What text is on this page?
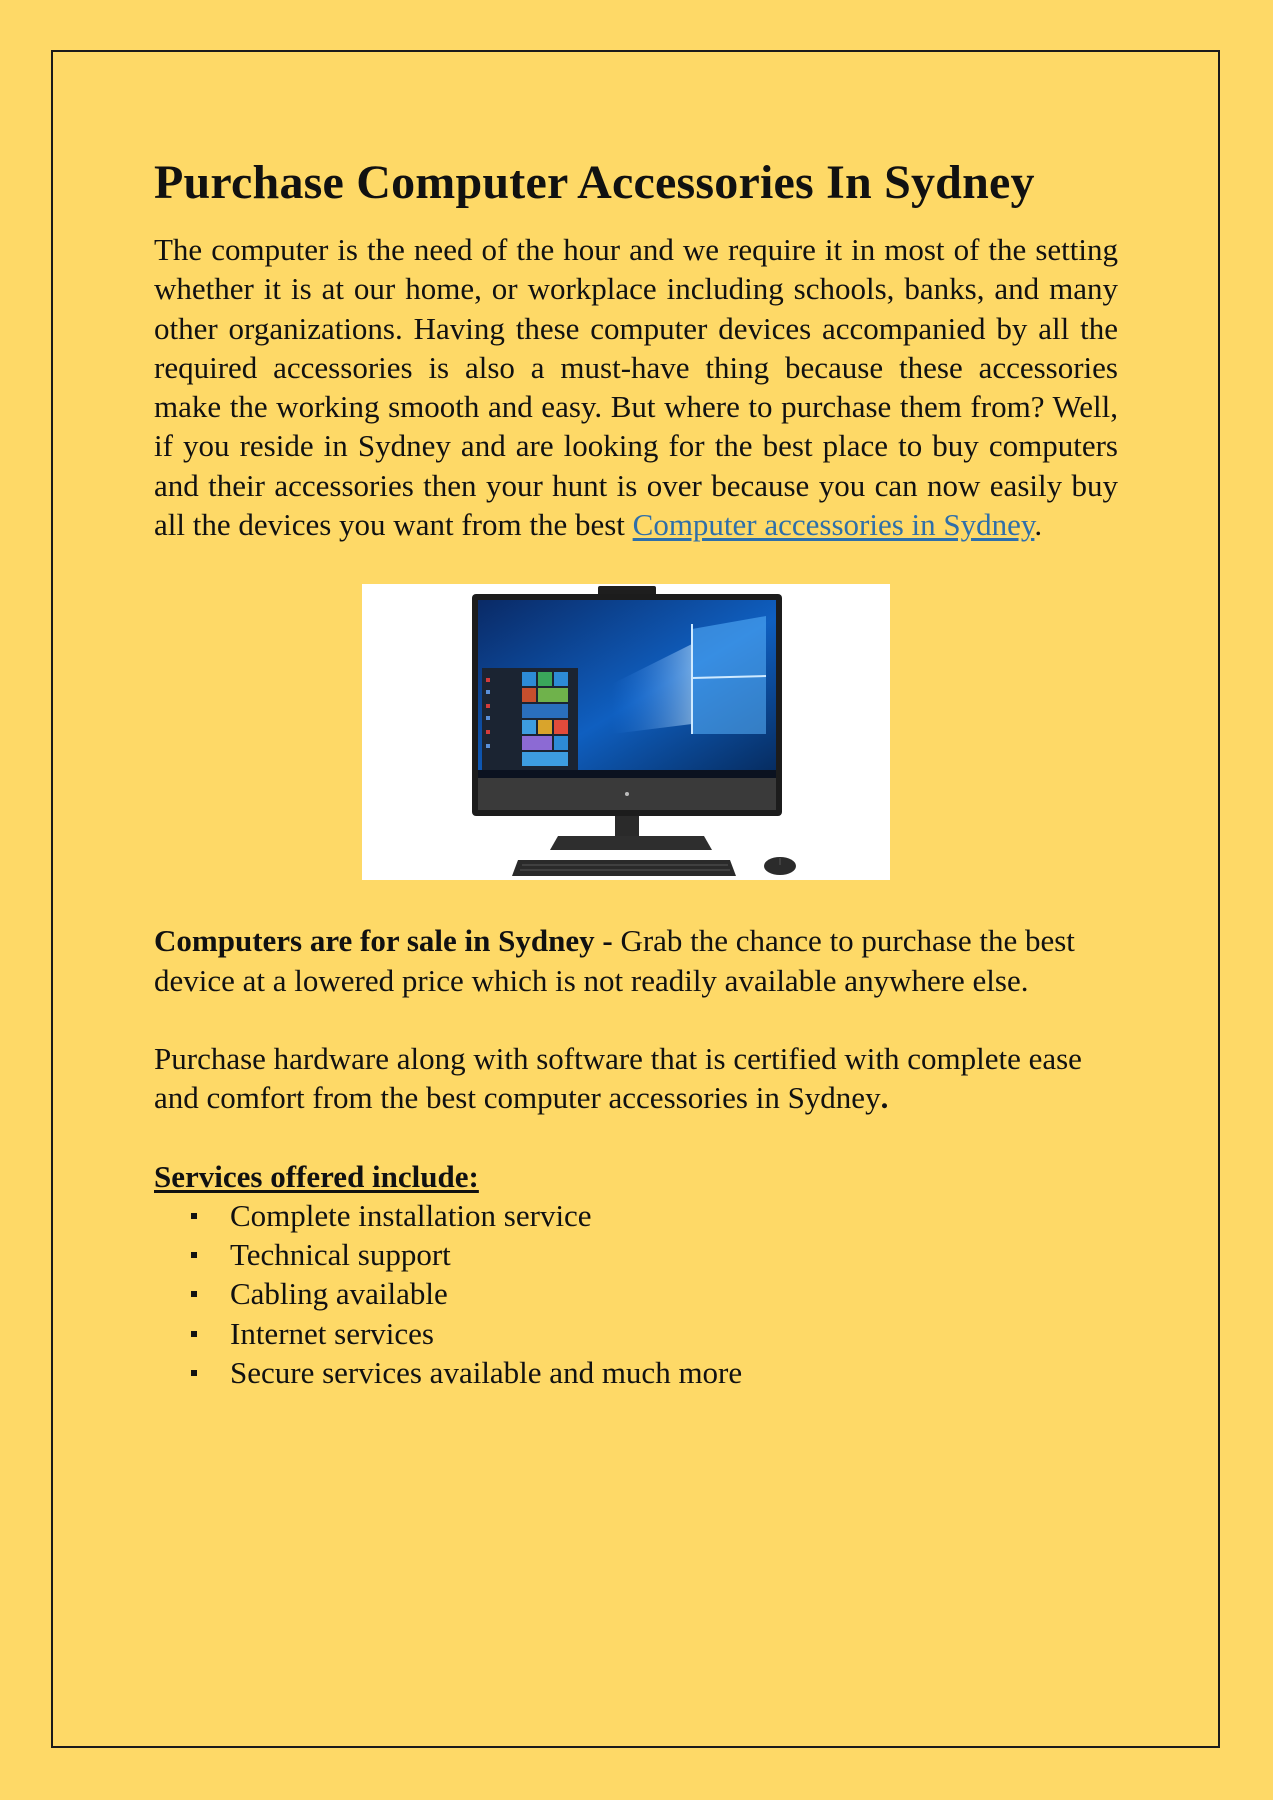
Purchase Computer Accessories In Sydney

The computer is the need of the hour and we require it in most of the setting whether it is at our home, or workplace including schools, banks, and many other organizations. Having these computer devices accompanied by all the required accessories is also a must-have thing because these accessories make the working smooth and easy. But where to purchase them from? Well, if you reside in Sydney and are looking for the best place to buy computers and their accessories then your hunt is over because you can now easily buy all the devices you want from the best Computer accessories in Sydney.

Computers are for sale in Sydney - Grab the chance to purchase the best device at a lowered price which is not readily available anywhere else.

Purchase hardware along with software that is certified with complete ease and comfort from the best computer accessories in Sydney.

Services offered include:

Complete installation service
Technical support
Cabling available
Internet services
Secure services available and much more
